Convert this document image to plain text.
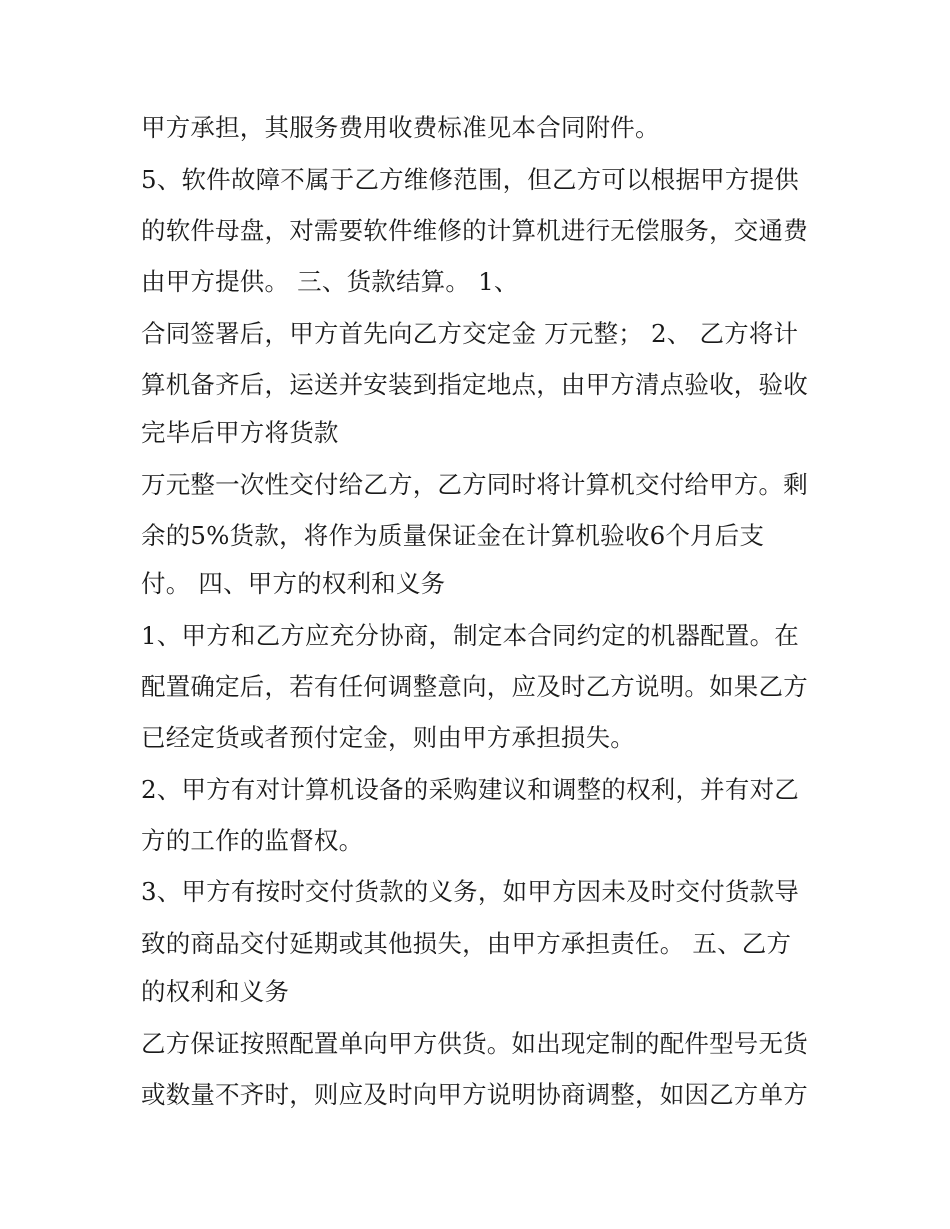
甲方承担，其服务费用收费标准见本合同附件。
5、软件故障不属于乙方维修范围，但乙方可以根据甲方提供
的软件母盘，对需要软件维修的计算机进行无偿服务，交通费
由甲方提供。 三、货款结算。 1、
合同签署后，甲方首先向乙方交定金 万元整； 2、 乙方将计
算机备齐后，运送并安装到指定地点，由甲方清点验收，验收
完毕后甲方将货款
万元整一次性交付给乙方，乙方同时将计算机交付给甲方。剩
余的5%货款，将作为质量保证金在计算机验收6个月后支
付。 四、甲方的权利和义务
1、甲方和乙方应充分协商，制定本合同约定的机器配置。在
配置确定后，若有任何调整意向，应及时乙方说明。如果乙方
已经定货或者预付定金，则由甲方承担损失。
2、甲方有对计算机设备的采购建议和调整的权利，并有对乙
方的工作的监督权。
3、甲方有按时交付货款的义务，如甲方因未及时交付货款导
致的商品交付延期或其他损失，由甲方承担责任。 五、乙方
的权利和义务
乙方保证按照配置单向甲方供货。如出现定制的配件型号无货
或数量不齐时，则应及时向甲方说明协商调整，如因乙方单方
